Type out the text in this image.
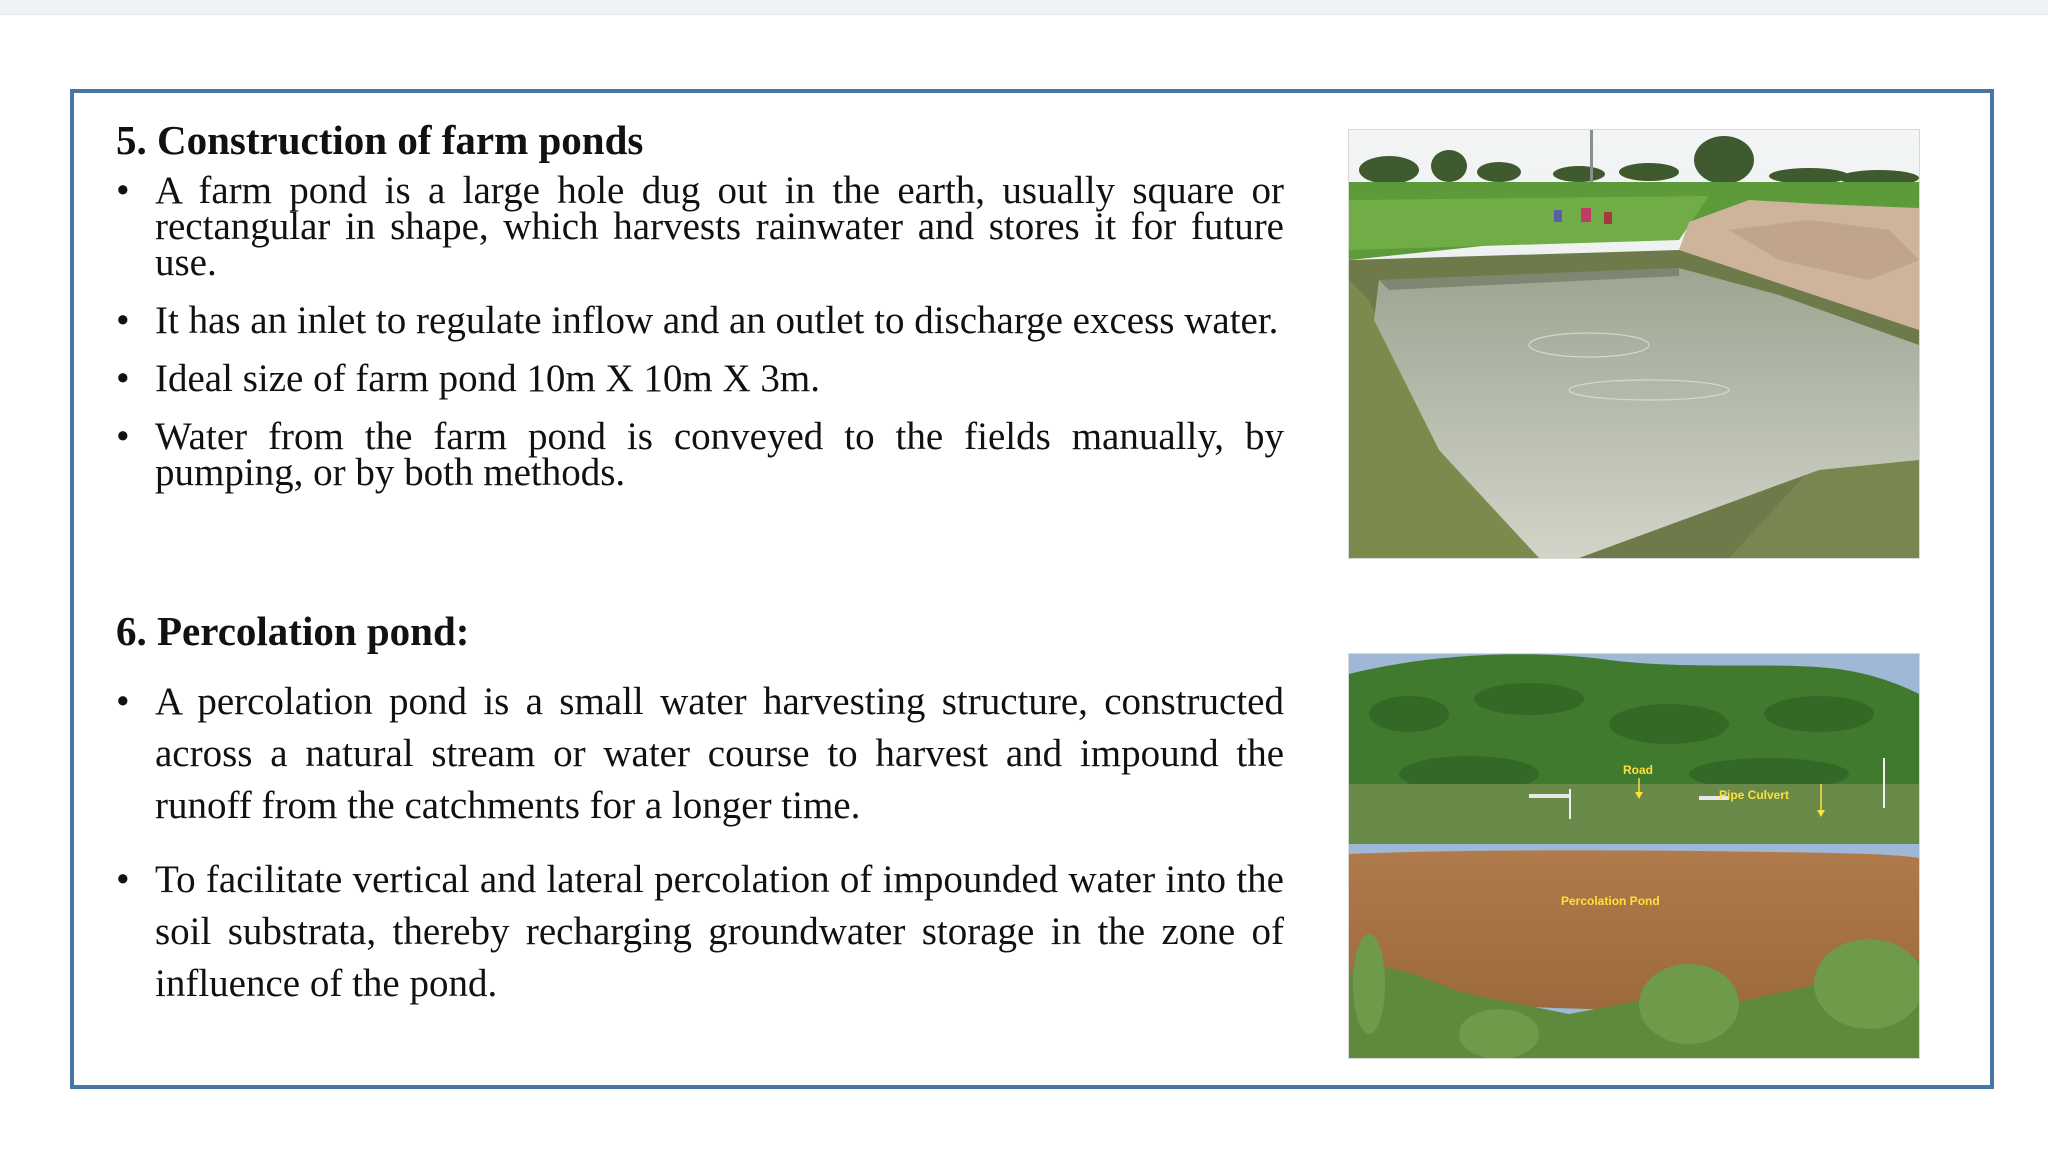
5. Construction of farm ponds
• A farm pond is a large hole dug out in the earth, usually square or rectangular in shape, which harvests rainwater and stores it for future use.
• It has an inlet to regulate inflow and an outlet to discharge excess water.
• Ideal size of farm pond 10m X 10m X 3m.
• Water from the farm pond is conveyed to the fields manually, by pumping, or by both methods.
6. Percolation pond:
• A percolation pond is a small water harvesting structure, constructed across a natural stream or water course to harvest and impound the runoff from the catchments for a longer time.
• To facilitate vertical and lateral percolation of impounded water into the soil substrata, thereby recharging groundwater storage in the zone of influence of the pond.
Road
Pipe Culvert
Percolation Pond
